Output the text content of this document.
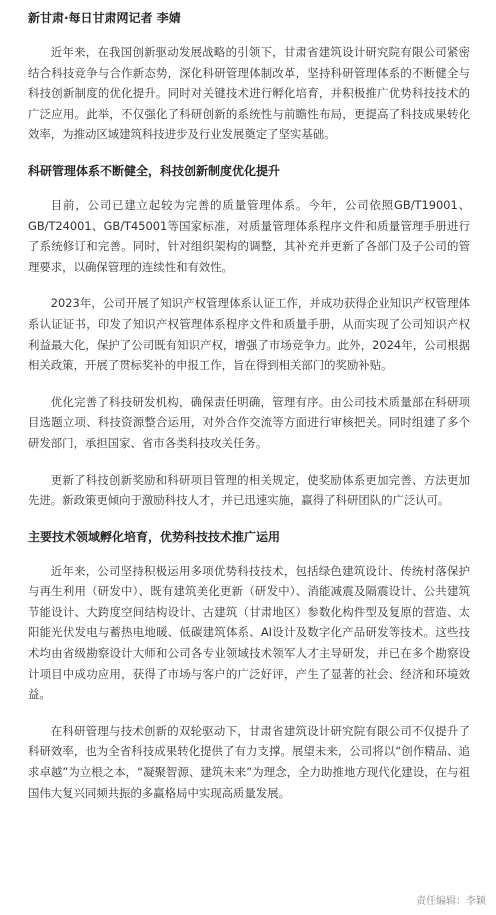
新甘肃·每日甘肃网记者 李婧

近年来，在我国创新驱动发展战略的引领下，甘肃省建筑设计研究院有限公司紧密结合科技竞争与合作新态势，深化科研管理体制改革，坚持科研管理体系的不断健全与科技创新制度的优化提升。同时对关键技术进行孵化培育，并积极推广优势科技技术的广泛应用。此举，不仅强化了科研创新的系统性与前瞻性布局，更提高了科技成果转化效率，为推动区域建筑科技进步及行业发展奠定了坚实基础。

科研管理体系不断健全，科技创新制度优化提升

目前，公司已建立起较为完善的质量管理体系。今年，公司依照GB/T19001、GB/T24001、GB/T45001等国家标准，对质量管理体系程序文件和质量管理手册进行了系统修订和完善。同时，针对组织架构的调整，其补充并更新了各部门及子公司的管理要求，以确保管理的连续性和有效性。

2023年，公司开展了知识产权管理体系认证工作，并成功获得企业知识产权管理体系认证证书，印发了知识产权管理体系程序文件和质量手册，从而实现了公司知识产权利益最大化，保护了公司既有知识产权，增强了市场竞争力。此外，2024年，公司根据相关政策，开展了贯标奖补的申报工作，旨在得到相关部门的奖励补贴。

优化完善了科技研发机构，确保责任明确，管理有序。由公司技术质量部在科研项目选题立项、科技资源整合运用，对外合作交流等方面进行审核把关。同时组建了多个研发部门，承担国家、省市各类科技攻关任务。

更新了科技创新奖励和科研项目管理的相关规定，使奖励体系更加完善、方法更加先进。新政策更倾向于激励科技人才，并已迅速实施，赢得了科研团队的广泛认可。

主要技术领域孵化培育，优势科技技术推广运用

近年来，公司坚持积极运用多项优势科技技术，包括绿色建筑设计、传统村落保护与再生利用（研发中）、既有建筑美化更新（研发中）、消能减震及隔震设计、公共建筑节能设计、大跨度空间结构设计、古建筑（甘肃地区）参数化构件型及复原的营造、太阳能光伏发电与蓄热电地暖、低碳建筑体系、AI设计及数字化产品研发等技术。这些技术均由省级勘察设计大师和公司各专业领域技术领军人才主导研发，并已在多个勘察设计项目中成功应用，获得了市场与客户的广泛好评，产生了显著的社会、经济和环境效益。

在科研管理与技术创新的双轮驱动下，甘肃省建筑设计研究院有限公司不仅提升了科研效率，也为全省科技成果转化提供了有力支撑。展望未来，公司将以“创作精品、追求卓越”为立根之本，“凝聚智源、建筑未来”为理念，全力助推地方现代化建设，在与祖国伟大复兴同频共振的多赢格局中实现高质量发展。

责任编辑：李颖
